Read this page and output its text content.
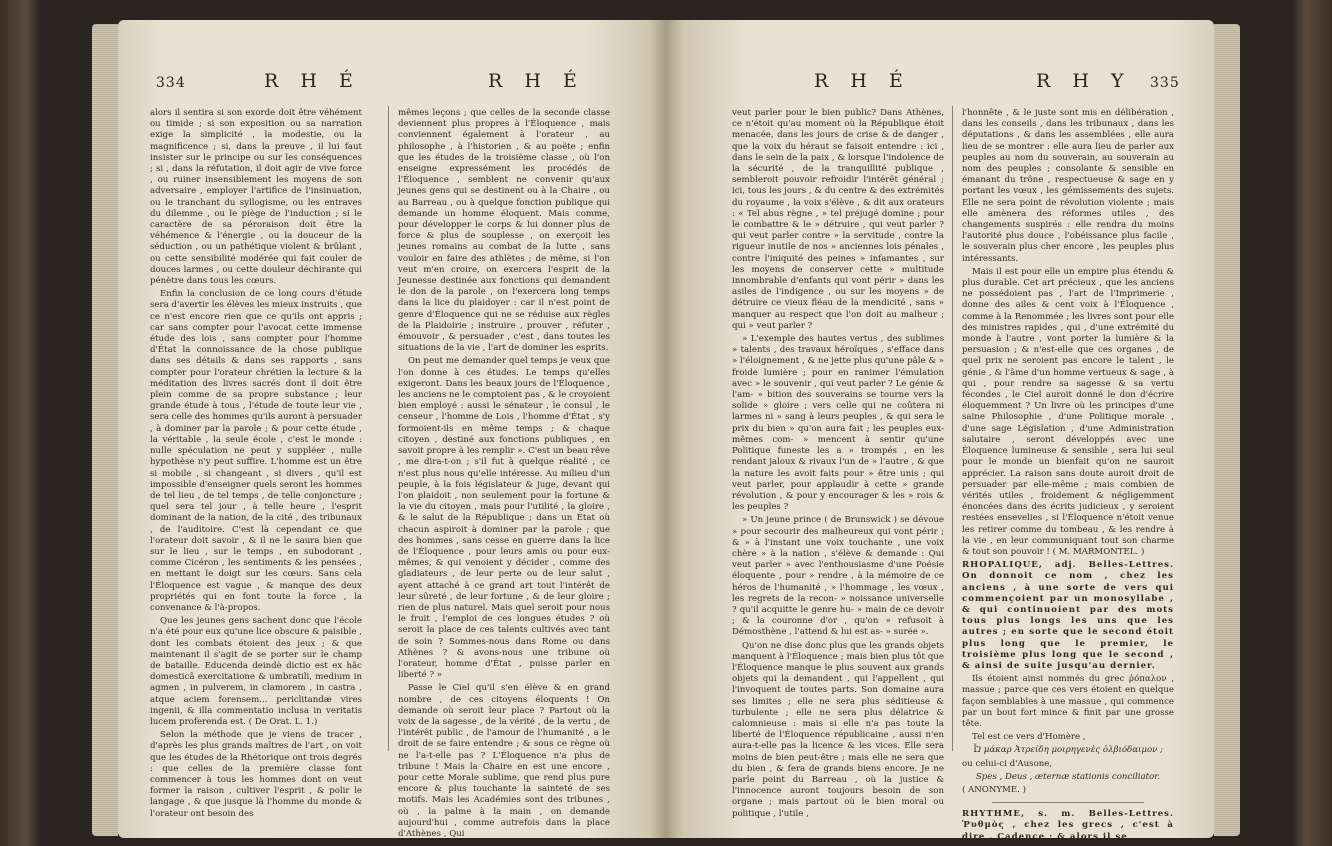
334	R H É	R H É

alors il sentira si son exorde doit être véhément ou timide ; si son exposition ou sa narration exige la simplicité , la modestie, ou la magnificence ; si, dans la preuve , il lui faut insister sur le principe ou sur les conséquences ; si , dans la réfutation, il doit agir de vive force , ou ruiner insensiblement les moyens de son adversaire , employer l'artifice de l'insinuation, ou le tranchant du syllogisme, ou les entraves du dilemme , ou le piège de l'induction ; si le caractère de sa péroraison doit être la véhémence & l'énergie , ou la douceur de la séduction , ou un pathétique violent & brûlant , ou cette sensibilité modérée qui fait couler de douces larmes , ou cette douleur déchirante qui pénètre dans tous les cœurs.

Enfin la conclusion de ce long cours d'étude sera d'avertir les élèves les mieux instruits , que ce n'est encore rien que ce qu'ils ont appris ; car sans compter pour l'avocat cette immense étude des lois , sans compter pour l'homme d'État la connoissance de la chose publique dans ses détails & dans ses rapports , sans compter pour l'orateur chrétien la lecture & la méditation des livres sacrés dont il doit être plein comme de sa propre substance ; leur grande étude à tous , l'étude de toute leur vie , sera celle des hommes qu'ils auront à persuader , à dominer par la parole ; & pour cette étude , la véritable , la seule école , c'est le monde : nulle spéculation ne peut y suppléer , nulle hypothèse n'y peut suffire. L'homme est un être si mobile , si changeant , si divers , qu'il est impossible d'enseigner quels seront les hommes de tel lieu , de tel temps , de telle conjoncture ; quel sera tel jour , à telle heure , l'esprit dominant de la nation, de la cité , des tribunaux , de l'auditoire. C'est là cependant ce que l'orateur doit savoir , & il ne le saura bien que sur le lieu , sur le temps , en subodorant , comme Cicéron , les sentiments & les pensées , en mettant le doigt sur les cœurs. Sans cela l'Éloquence est vague , & manque des deux propriétés qui en font toute la force , la convenance & l'à-propos.

Que les jeunes gens sachent donc que l'école n'a été pour eux qu'une lice obscure & paisible , dont les combats étoient des jeux ; & que maintenant il s'agit de se porter sur le champ de bataille. Educenda deindè dictio est ex hâc domesticâ exercitatione & umbratili, medium in agmen , in pulverem, in clamorem , in castra , atque aciem forensem... periclitandæ vires ingenii, & illa commentatio inclusa in veritatis lucem proferenda est. ( De Orat. L. 1.)

Selon la méthode que je viens de tracer , d'après les plus grands maîtres de l'art , on voit que les études de la Rhétorique ont trois degrés : que celles de la première classe font commencer à tous les hommes dont on veut former la raison , cultiver l'esprit , & polir le langage , & que jusque là l'homme du monde & l'orateur ont besoin des

mêmes leçons ; que celles de la seconde classe deviennent plus propres à l'Éloquence , mais conviennent également à l'orateur , au philosophe , à l'historien , & au poëte ; enfin que les études de la troisième classe , où l'on enseigne expressément les procédés de l'Éloquence , semblent ne convenir qu'aux jeunes gens qui se destinent ou à la Chaire , ou au Barreau , ou à quelque fonction publique qui demande un homme éloquent. Mais comme, pour développer le corps & lui donner plus de force & plus de souplesse , on exerçoit les jeunes romains au combat de la lutte , sans vouloir en faire des athlètes ; de même, si l'on veut m'en croire, on exercera l'esprit de la Jeunesse destinée aux fonctions qui demandent le don de la parole , on l'exercera long temps dans la lice du plaidoyer : car il n'est point de genre d'Éloquence qui ne se réduise aux règles de la Plaidoirie ; instruire , prouver , réfuter , émouvoir , & persuader , c'est , dans toutes les situations de la vie , l'art de dominer les esprits.

On peut me demander quel temps je veux que l'on donne à ces études. Le temps qu'elles exigeront. Dans les beaux jours de l'Éloquence , les anciens ne le comptoient pas , & le croyoient bien employé : aussi le sénateur , le consul , le censeur , l'homme de Lois , l'homme d'État , s'y formoient-ils en même temps ; & chaque citoyen , destiné aux fonctions publiques , en savoit propre à les remplir ». C'est un beau rêve , me dira-t-on ; s'il fut à quelque réalité , ce n'est plus nous qu'elle intéresse. Au milieu d'un peuple, à la fois législateur & juge, devant qui l'on plaidoit , non seulement pour la fortune & la vie du citoyen , mais pour l'utilité , la gloire , & le salut de la République ; dans un État où chacun aspiroit à dominer par la parole ; que des hommes , sans cesse en guerre dans la lice de l'Éloquence , pour leurs amis ou pour eux-mêmes, & qui venoient y décider , comme des gladiateurs , de leur perte ou de leur salut , ayent attaché à ce grand art tout l'intérêt de leur sûreté , de leur fortune , & de leur gloire ; rien de plus naturel. Mais quel seroit pour nous le fruit , l'emploi de ces longues études ? où seroit la place de ces talents cultivés avec tant de soin ? Sommes-nous dans Rome ou dans Athènes ? & avons-nous une tribune où l'orateur, homme d'État , puisse parler en liberté ? »

Passe le Ciel qu'il s'en élève & en grand nombre , de ces citoyens éloquents ! On demande où seroit leur place ? Partout où la voix de la sagesse , de la vérité , de la vertu , de l'intérêt public , de l'amour de l'humanité , a le droit de se faire entendre ; & sous ce règne où ne l'a-t-elle pas ? L'Éloquence n'a plus de tribune ! Mais la Chaire en est une encore , pour cette Morale sublime, que rend plus pure encore & plus touchante la sainteté de ses motifs. Mais les Académies sont des tribunes , où , la palme à la main , on demande aujourd'hui , comme autrefois dans la place d'Athènes , Qui

R H É	R H Y 335

veut parler pour le bien public? Dans Athènes, ce n'étoit qu'au moment où la République étoit menacée, dans les jours de crise & de danger , que la voix du héraut se faisoit entendre : ici , dans le sein de la paix , & lorsque l'indolence de la sécurité , de la tranquillité publique , sembleroit pouvoir refroidir l'intérêt général ; ici, tous les jours , & du centre & des extrémités du royaume , la voix s'élève , & dit aux orateurs : « Tel abus règne , » tel préjugé domine ; pour le combattre & le » détruire , qui veut parler ? qui veut parler contre » la servitude , contre la rigueur inutile de nos » anciennes lois pénales , contre l'iniquité des peines » infamantes , sur les moyens de conserver cette » multitude innombrable d'enfants qui vont périr » dans les asiles de l'indigence , ou sur les moyens » de détruire ce vieux fléau de la mendicité , sans » manquer au respect que l'on doit au malheur ; qui » veut parler ?

» L'exemple des hautes vertus , des sublimes » talents , des travaux héroïques , s'efface dans » l'éloignement , & ne jette plus qu'une pâle & » froide lumière ; pour en ranimer l'émulation avec » le souvenir , qui veut parler ? Le génie & l'am- » bition des souverains se tourne vers la solide » gloire ; vers celle qui ne coûtera ni larmes ni » sang à leurs peuples , & qui sera le prix du bien » qu'on aura fait ; les peuples eux-mêmes com- » mencent à sentir qu'une Politique funeste les a » trompés , en les rendant jaloux & rivaux l'un de » l'autre , & que la nature les avoit faits pour » être unis ; qui veut parler, pour applaudir à cette » grande révolution , & pour y encourager & les » rois & les peuples ?

» Un jeune prince ( de Brunswick ) se dévoue » pour secourir des malheureux qui vont périr ; & » à l'instant une voix touchante , une voix chère » à la nation , s'élève & demande : Qui veut parler » avec l'enthousiasme d'une Poésie éloquente , pour » rendre , à la mémoire de ce héros de l'humanité , » l'hommage , les vœux , les regrets de la recon- » noissance universelle ? qu'il acquitte le genre hu- » main de ce devoir ; & la couronne d'or , qu'on » refusoit à Démosthène , l'attend & lui est as- » surée ».

Qu'on ne dise donc plus que les grands objets manquent à l'Éloquence ; mais bien plus tôt que l'Éloquence manque le plus souvent aux grands objets qui la demandent , qui l'appellent , qui l'invoquent de toutes parts. Son domaine aura ses limites ; elle ne sera plus séditieuse & turbulente ; elle ne sera plus délatrice & calomnieuse : mais si elle n'a pas toute la liberté de l'Éloquence républicaine , aussi n'en aura-t-elle pas la licence & les vices. Elle sera moins de bien peut-être ; mais elle ne sera que du bien , & fera de grands biens encore. Je ne parle point du Barreau , où la justice & l'innocence auront toujours besoin de son organe ; mais partout où le bien moral ou politique , l'utile ,

l'honnête , & le juste sont mis en délibération , dans les conseils , dans les tribunaux , dans les députations , & dans les assemblées , elle aura lieu de se montrer : elle aura lieu de parler aux peuples au nom du souverain, au souverain au nom des peuples ; consolante & sensible en émanant du trône , respectueuse & sage en y portant les vœux , les gémissements des sujets. Elle ne sera point de révolution violente ; mais elle amènera des réformes utiles , des changements suspirés : elle rendra du moins l'autorité plus douce , l'obéissance plus facile , le souverain plus cher encore , les peuples plus intéressants.

Mais il est pour elle un empire plus étendu & plus durable. Cet art précieux , que les anciens ne possédoient pas , l'art de l'Imprimerie , donne des ailes & cent voix à l'Éloquence , comme à la Renommée ; les livres sont pour elle des ministres rapides , qui , d'une extrémité du monde à l'autre , vont porter la lumière & la persuasion ; & n'est-elle que ces organes , de quel prix ne seroient pas encore le talent , le génie , & l'âme d'un homme vertueux & sage , à qui , pour rendre sa sagesse & sa vertu fécondes , le Ciel auroit donné le don d'écrire éloquemment ? Un livre où les principes d'une saine Philosophie , d'une Politique morale , d'une sage Législation , d'une Administration salutaire , seront développés avec une Éloquence lumineuse & sensible , sera lui seul pour le monde un bienfait qu'on ne sauroit apprécier. La raison sans doute auroit droit de persuader par elle-même ; mais combien de vérités utiles , froidement & négligemment énoncées dans des écrits judicieux , y seroient restées ensevelies , si l'Éloquence n'étoit venue les retirer comme du tombeau , & les rendre à la vie , en leur communiquant tout son charme & tout son pouvoir ! ( M. MARMONTEL. )

RHOPALIQUE, adj. Belles-Lettres. On donnoit ce nom , chez les anciens , à une sorte de vers qui commençoient par un monosyllabe , & qui continuoient par des mots tous plus longs les uns que les autres ; en sorte que le second étoit plus long que le premier, le troisième plus long que le second , & ainsi de suite jusqu'au dernier.

Ils étoient ainsi nommés du grec ῥόπαλον , massue ; parce que ces vers étoient en quelque façon semblables à une massue , qui commence par un bout fort mince & finit par une grosse tête.

Tel est ce vers d'Homère ,

Ὦ μάκαρ Ἀτρείδη μοιρηγενὲς ὀλβιόδαιμον ;

ou celui-ci d'Ausone,

Spes , Deus , æternæ stationis conciliator.

( ANONYME. )

RHYTHME, s. m. Belles-Lettres. Ῥυθμὸς , chez les grecs , c'est à dire , Cadence ; & alors il se
